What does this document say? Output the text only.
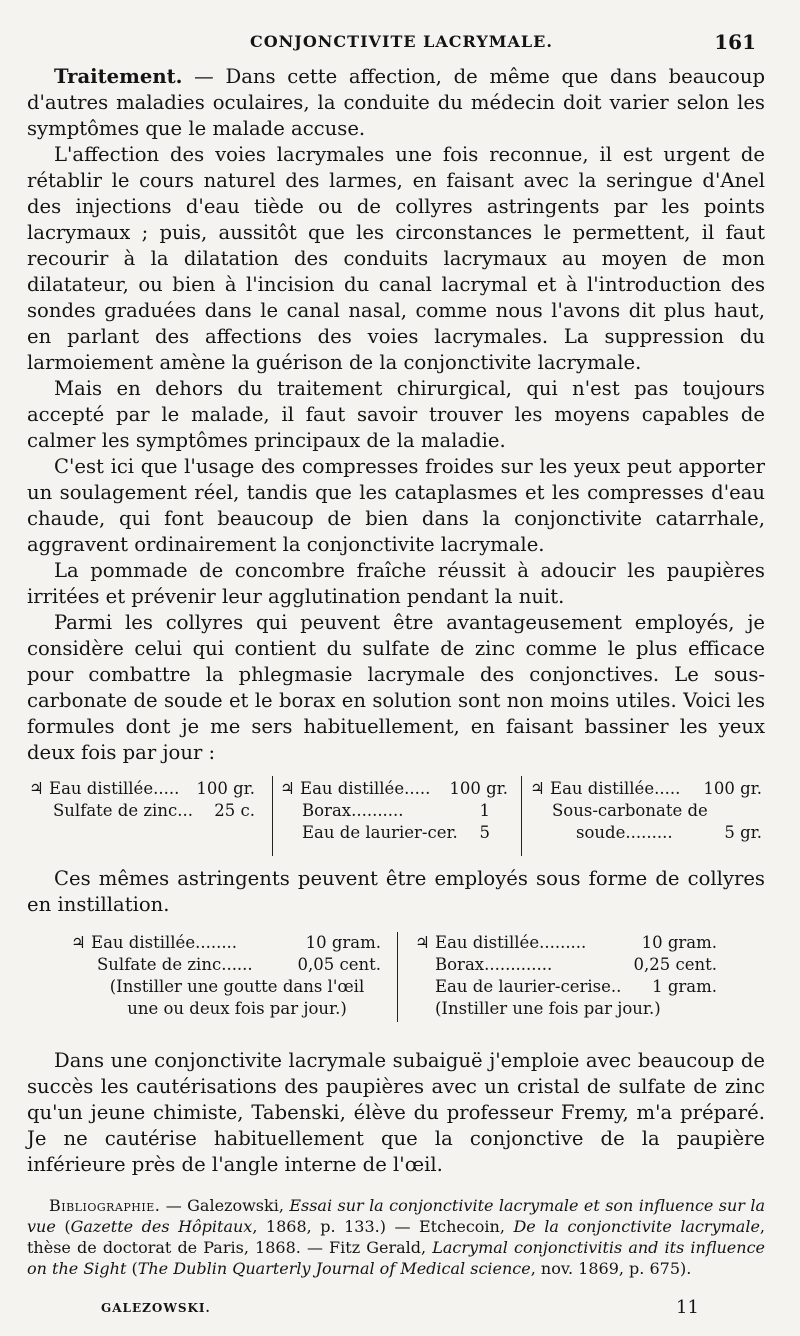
CONJONCTIVITE LACRYMALE.	161

Traitement. — Dans cette affection, de même que dans beaucoup d'autres maladies oculaires, la conduite du médecin doit varier selon les symptômes que le malade accuse.

L'affection des voies lacrymales une fois reconnue, il est urgent de rétablir le cours naturel des larmes, en faisant avec la seringue d'Anel des injections d'eau tiède ou de collyres astringents par les points lacrymaux ; puis, aussitôt que les circonstances le permettent, il faut recourir à la dilatation des conduits lacrymaux au moyen de mon dilatateur, ou bien à l'incision du canal lacrymal et à l'introduction des sondes graduées dans le canal nasal, comme nous l'avons dit plus haut, en parlant des affections des voies lacrymales. La suppression du larmoiement amène la guérison de la conjonctivite lacrymale.

Mais en dehors du traitement chirurgical, qui n'est pas toujours accepté par le malade, il faut savoir trouver les moyens capables de calmer les symptômes principaux de la maladie.

C'est ici que l'usage des compresses froides sur les yeux peut apporter un soulagement réel, tandis que les cataplasmes et les compresses d'eau chaude, qui font beaucoup de bien dans la conjonctivite catarrhale, aggravent ordinairement la conjonctivite lacrymale.

La pommade de concombre fraîche réussit à adoucir les paupières irritées et prévenir leur agglutination pendant la nuit.

Parmi les collyres qui peuvent être avantageusement employés, je considère celui qui contient du sulfate de zinc comme le plus efficace pour combattre la phlegmasie lacrymale des conjonctives. Le sous-carbonate de soude et le borax en solution sont non moins utiles. Voici les formules dont je me sers habituellement, en faisant bassiner les yeux deux fois par jour :

♃ Eau distillée..... 100 gr.
Sulfate de zinc... 25 c.
♃ Eau distillée..... 100 gr.
Borax..........	1
Eau de laurier-cer. 5
♃ Eau distillée..... 100 gr.
Sous-carbonate de
soude.........	5 gr.

Ces mêmes astringents peuvent être employés sous forme de collyres en instillation.

♃ Eau distillée........	10 gram.
Sulfate de zinc......	0,05 cent.
(Instiller une goutte dans l'œil une ou deux fois par jour.)
♃ Eau distillée.........	10 gram.
Borax.............	0,25 cent.
Eau de laurier-cerise.. 1 gram.
(Instiller une fois par jour.)

Dans une conjonctivite lacrymale subaiguë j'emploie avec beaucoup de succès les cautérisations des paupières avec un cristal de sulfate de zinc qu'un jeune chimiste, Tabenski, élève du professeur Fremy, m'a préparé. Je ne cautérise habituellement que la conjonctive de la paupière inférieure près de l'angle interne de l'œil.

Bibliographie. — Galezowski, Essai sur la conjonctivite lacrymale et son influence sur la vue (Gazette des Hôpitaux, 1868, p. 133.) — Etchecoin, De la conjonctivite lacrymale, thèse de doctorat de Paris, 1868. — Fitz Gerald, Lacrymal conjonctivitis and its influence on the Sight (The Dublin Quarterly Journal of Medical science, nov. 1869, p. 675).
GALEZOWSKI.	11
